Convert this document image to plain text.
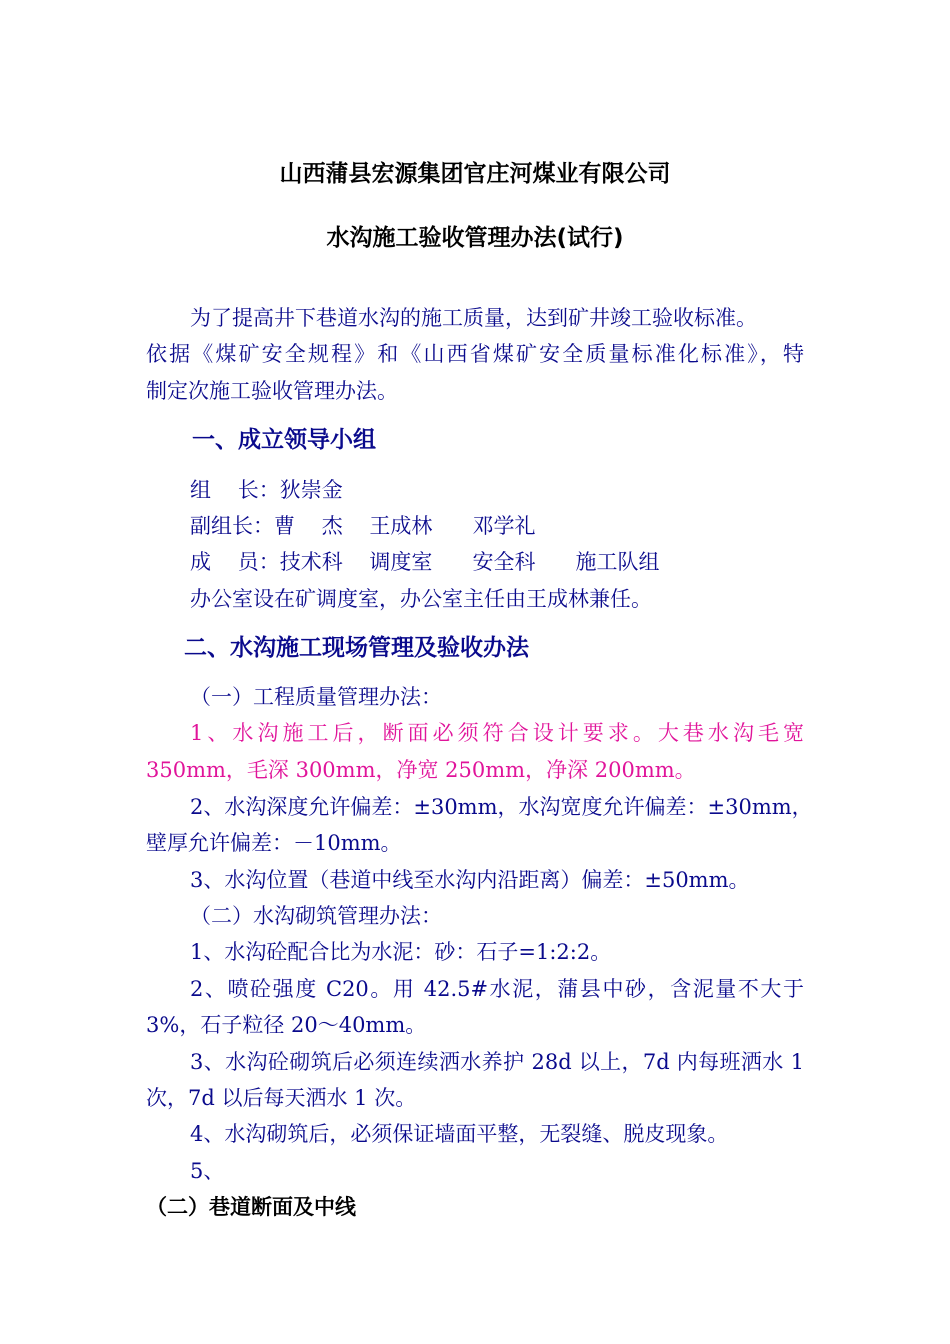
山西蒲县宏源集团官庄河煤业有限公司
水沟施工验收管理办法(试行)
为了提高井下巷道水沟的施工质量，达到矿井竣工验收标准。
依据《煤矿安全规程》和《山西省煤矿安全质量标准化标准》，特
制定次施工验收管理办法。
一、成立领导小组
组    长：狄崇金
副组长：曹    杰    王成林      邓学礼
成    员：技术科    调度室      安全科      施工队组
办公室设在矿调度室，办公室主任由王成林兼任。
二、水沟施工现场管理及验收办法
（一）工程质量管理办法：
1、水沟施工后，断面必须符合设计要求。大巷水沟毛宽
350mm，毛深 300mm，净宽 250mm，净深 200mm。
2、水沟深度允许偏差：±30mm，水沟宽度允许偏差：±30mm，
壁厚允许偏差：－10mm。
3、水沟位置（巷道中线至水沟内沿距离）偏差：±50mm。
（二）水沟砌筑管理办法：
1、水沟砼配合比为水泥：砂：石子=1:2:2。
2、喷砼强度 C20。用 42.5#水泥，蒲县中砂，含泥量不大于
3%，石子粒径 20～40mm。
3、水沟砼砌筑后必须连续洒水养护 28d 以上，7d 内每班洒水 1
次，7d 以后每天洒水 1 次。
4、水沟砌筑后，必须保证墙面平整，无裂缝、脱皮现象。
5、
（二）巷道断面及中线
